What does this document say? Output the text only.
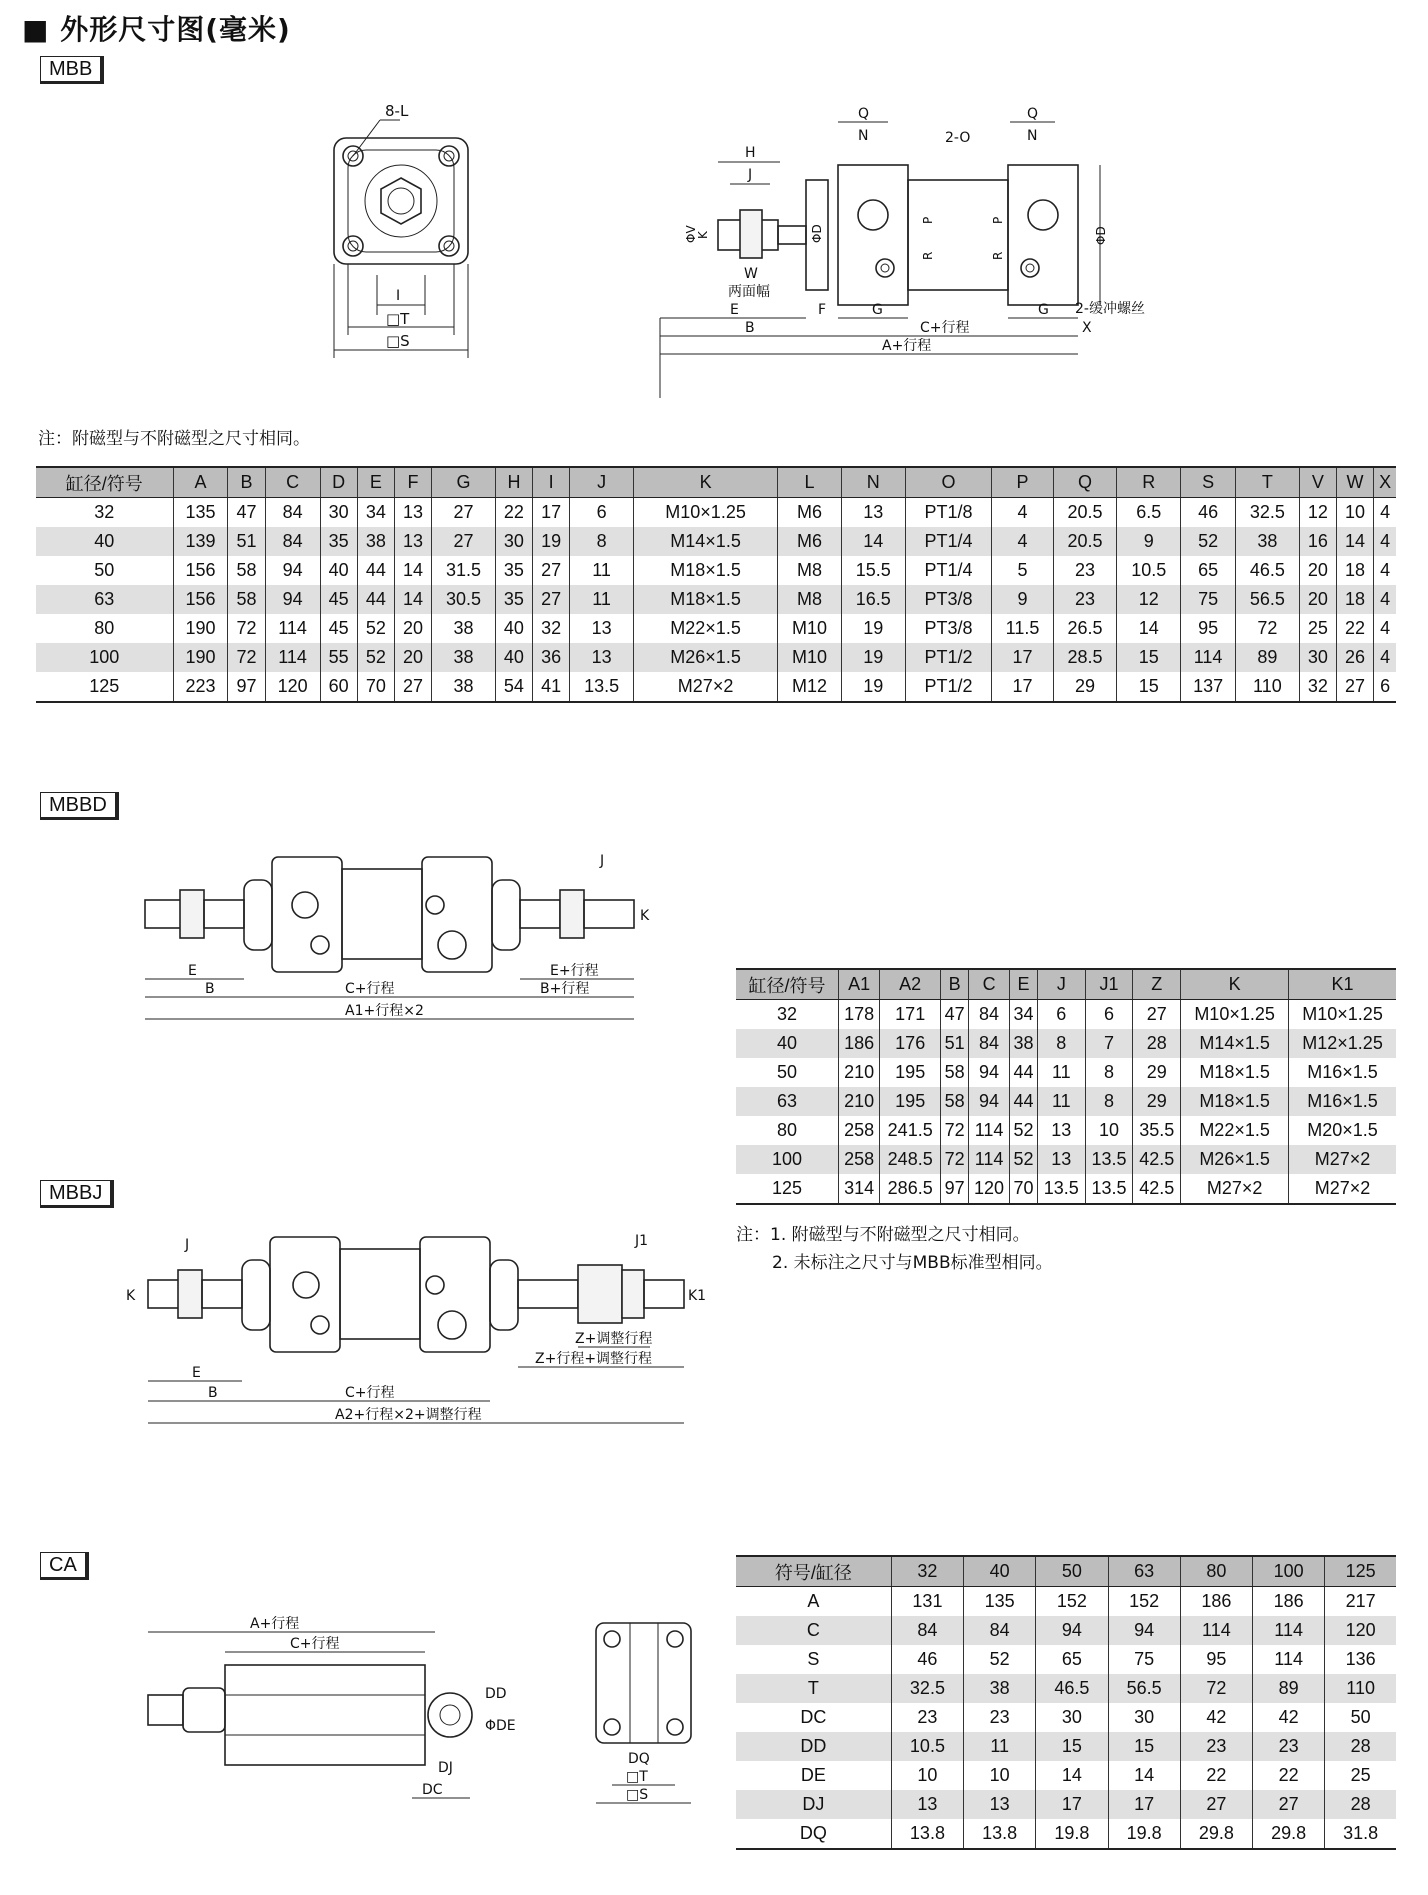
■ 外形尺寸图(毫米)
MBB
8-L
I
□T
□S
H
J
Q
N	2-O
Q
N
ΦV
K	ΦD
P
R
P
R
ΦD
W
两面幅
E	F	G	G 2-缓冲螺丝
B	C+行程	X
A+行程
注：附磁型与不附磁型之尺寸相同。
缸径/符号	A	B	C	D	E	F	G	H	I	J	K	L	N	O	P	Q	R	S	T	V	W	X
32	135	47	84	30	34	13	27	22	17	6	M10×1.25	M6	13	PT1/8	4	20.5	6.5	46	32.5	12	10	4
40	139	51	84	35	38	13	27	30	19	8	M14×1.5	M6	14	PT1/4	4	20.5	9	52	38	16	14	4
50	156	58	94	40	44	14	31.5	35	27	11	M18×1.5	M8	15.5	PT1/4	5	23	10.5	65	46.5	20	18	4
63	156	58	94	45	44	14	30.5	35	27	11	M18×1.5	M8	16.5	PT3/8	9	23	12	75	56.5	20	18	4
80	190	72	114	45	52	20	38	40	32	13	M22×1.5	M10	19	PT3/8	11.5	26.5	14	95	72	25	22	4
100	190	72	114	55	52	20	38	40	36	13	M26×1.5	M10	19	PT1/2	17	28.5	15	114	89	30	26	4
125	223	97	120	60	70	27	38	54	41	13.5	M27×2	M12	19	PT1/2	17	29	15	137	110	32	27	6
MBBD
J
K
E
B	C+行程
E+行程
B+行程
A1+行程×2
缸径/符号	A1	A2	B	C	E	J	J1	Z	K	K1
32	178	171	47	84	34	6	6	27	M10×1.25	M10×1.25
40	186	176	51	84	38	8	7	28	M14×1.5	M12×1.25
50	210	195	58	94	44	11	8	29	M18×1.5	M16×1.5
63	210	195	58	94	44	11	8	29	M18×1.5	M16×1.5
80	258	241.5	72	114	52	13	10	35.5	M22×1.5	M20×1.5
100	258	248.5	72	114	52	13	13.5	42.5	M26×1.5	M27×2
125	314	286.5	97	120	70	13.5	13.5	42.5	M27×2	M27×2
注：1. 附磁型与不附磁型之尺寸相同。
2. 未标注之尺寸与MBB标准型相同。
MBBJ
J
K
J1
K1
Z+调整行程
Z+行程+调整行程
E
B	C+行程
A2+行程×2+调整行程
CA
A+行程
C+行程
DD
ΦDE
DJ
DC
DQ
□T
□S
符号/缸径	32	40	50	63	80	100	125
A	131	135	152	152	186	186	217
C	84	84	94	94	114	114	120
S	46	52	65	75	95	114	136
T	32.5	38	46.5	56.5	72	89	110
DC	23	23	30	30	42	42	50
DD	10.5	11	15	15	23	23	28
DE	10	10	14	14	22	22	25
DJ	13	13	17	17	27	27	28
DQ	13.8	13.8	19.8	19.8	29.8	29.8	31.8
